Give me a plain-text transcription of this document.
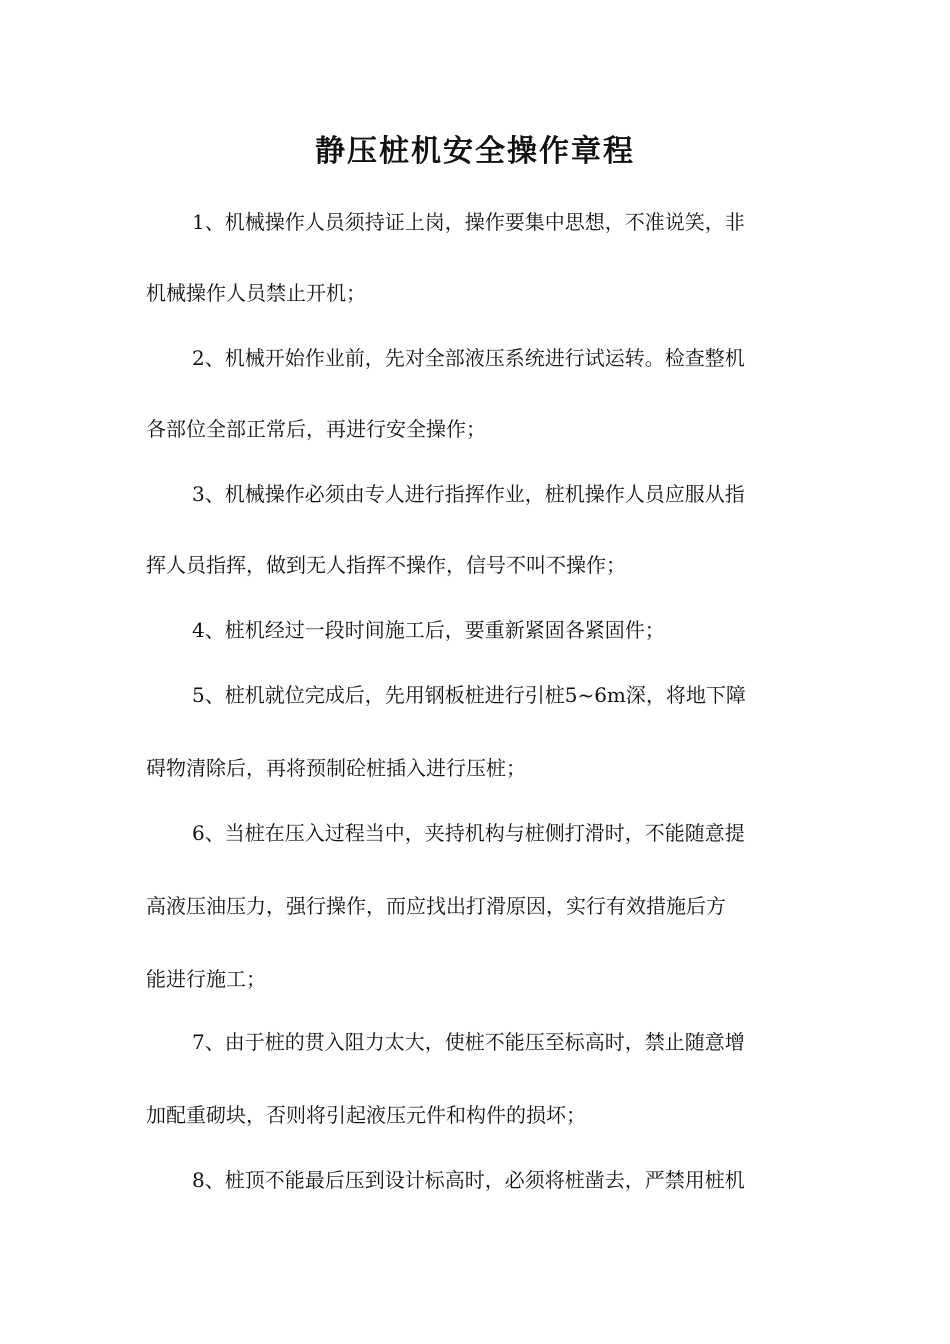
静压桩机安全操作章程

1、机械操作人员须持证上岗，操作要集中思想，不准说笑，非

机械操作人员禁止开机；

2、机械开始作业前，先对全部液压系统进行试运转。检查整机

各部位全部正常后，再进行安全操作；

3、机械操作必须由专人进行指挥作业，桩机操作人员应服从指

挥人员指挥，做到无人指挥不操作，信号不叫不操作；

4、桩机经过一段时间施工后，要重新紧固各紧固件；

5、桩机就位完成后，先用钢板桩进行引桩5~6m深，将地下障

碍物清除后，再将预制砼桩插入进行压桩；

6、当桩在压入过程当中，夹持机构与桩侧打滑时，不能随意提

高液压油压力，强行操作，而应找出打滑原因，实行有效措施后方

能进行施工；

7、由于桩的贯入阻力太大，使桩不能压至标高时，禁止随意增

加配重砌块，否则将引起液压元件和构件的损坏；

8、桩顶不能最后压到设计标高时，必须将桩凿去，严禁用桩机
